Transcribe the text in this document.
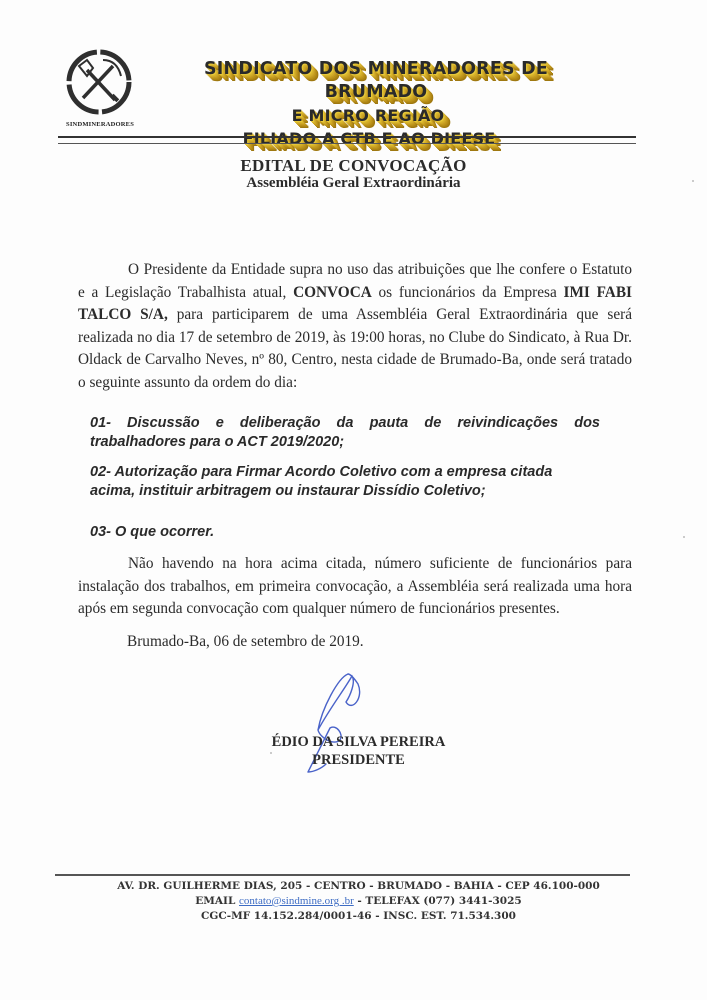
SINDMINERADORES
SINDICATO DOS MINERADORES DE BRUMADO
E MICRO REGIÃO
FILIADO A CTB E AO DIEESE
EDITAL DE CONVOCAÇÃO
Assembléia Geral Extraordinária
O Presidente da Entidade supra no uso das atribuições que lhe confere o Estatuto e a Legislação Trabalhista atual, CONVOCA os funcionários da Empresa IMI FABI TALCO S/A, para participarem de uma Assembléia Geral Extraordinária que será realizada no dia 17 de setembro de 2019, às 19:00 horas, no Clube do Sindicato, à Rua Dr. Oldack de Carvalho Neves, nº 80, Centro, nesta cidade de Brumado-Ba, onde será tratado o seguinte assunto da ordem do dia:
01- Discussão e deliberação da pauta de reivindicações dos trabalhadores para o ACT 2019/2020;
02- Autorização para Firmar Acordo Coletivo com a empresa citada acima, instituir arbitragem ou instaurar Dissídio Coletivo;
03- O que ocorrer.
Não havendo na hora acima citada, número suficiente de funcionários para instalação dos trabalhos, em primeira convocação, a Assembléia será realizada uma hora após em segunda convocação com qualquer número de funcionários presentes.
Brumado-Ba, 06 de setembro de 2019.
ÉDIO DA SILVA PEREIRA
PRESIDENTE
AV. DR. GUILHERME DIAS, 205 - CENTRO - BRUMADO - BAHIA - CEP 46.100-000
EMAIL contato@sindmine.org .br - TELEFAX (077) 3441-3025
CGC-MF 14.152.284/0001-46 - INSC. EST. 71.534.300
